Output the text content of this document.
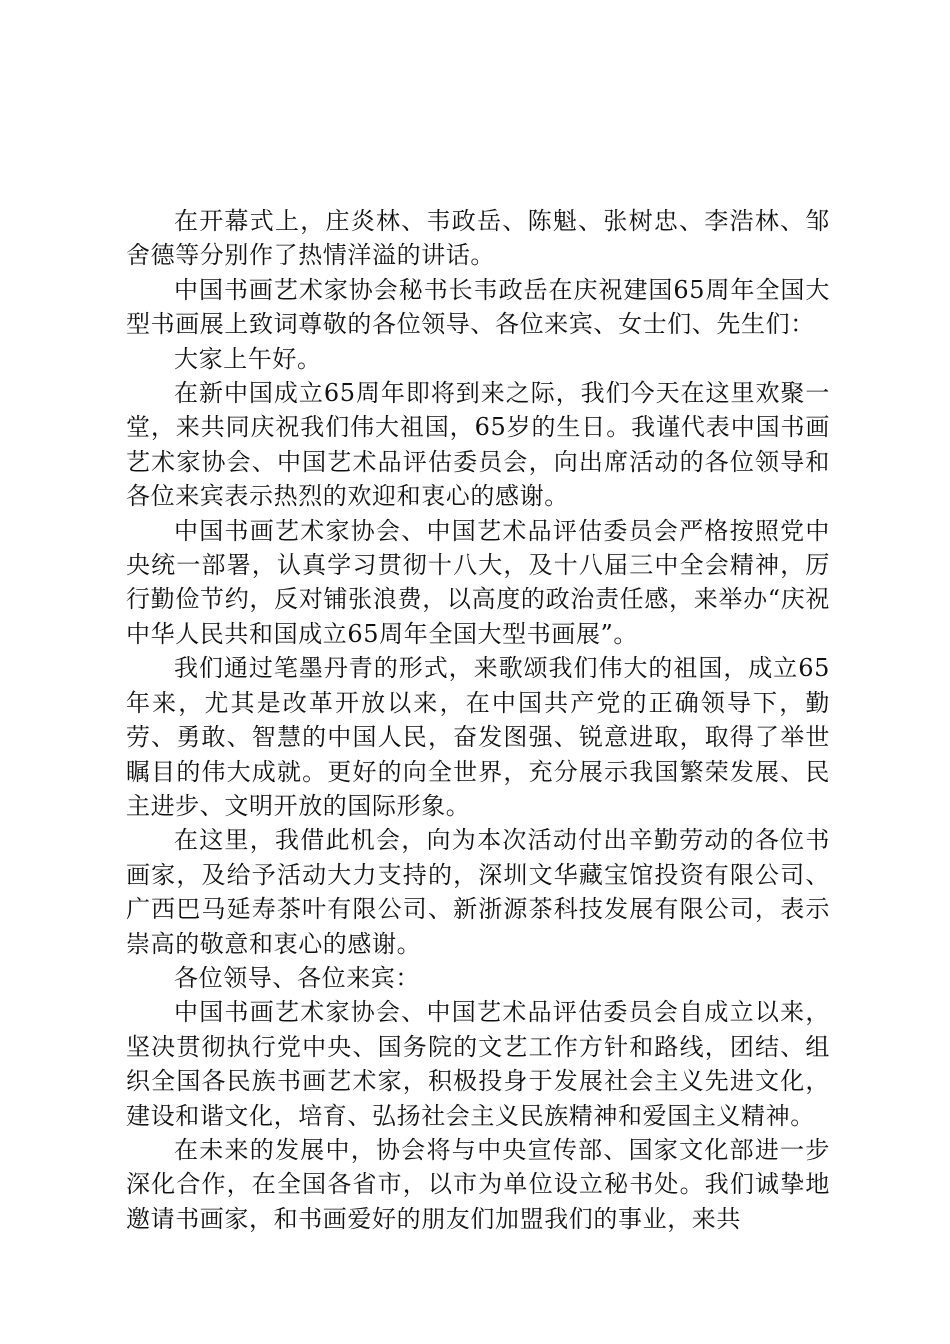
在开幕式上，庄炎林、韦政岳、陈魁、张树忠、李浩林、邹舍德等分别作了热情洋溢的讲话。

中国书画艺术家协会秘书长韦政岳在庆祝建国65周年全国大型书画展上致词尊敬的各位领导、各位来宾、女士们、先生们：

大家上午好。

在新中国成立65周年即将到来之际，我们今天在这里欢聚一堂，来共同庆祝我们伟大祖国，65岁的生日。我谨代表中国书画艺术家协会、中国艺术品评估委员会，向出席活动的各位领导和各位来宾表示热烈的欢迎和衷心的感谢。

中国书画艺术家协会、中国艺术品评估委员会严格按照党中央统一部署，认真学习贯彻十八大，及十八届三中全会精神，厉行勤俭节约，反对铺张浪费，以高度的政治责任感，来举办“庆祝中华人民共和国成立65周年全国大型书画展”。

我们通过笔墨丹青的形式，来歌颂我们伟大的祖国，成立65年来，尤其是改革开放以来，在中国共产党的正确领导下，勤劳、勇敢、智慧的中国人民，奋发图强、锐意进取，取得了举世瞩目的伟大成就。更好的向全世界，充分展示我国繁荣发展、民主进步、文明开放的国际形象。

在这里，我借此机会，向为本次活动付出辛勤劳动的各位书画家，及给予活动大力支持的，深圳文华藏宝馆投资有限公司、广西巴马延寿茶叶有限公司、新浙源茶科技发展有限公司，表示崇高的敬意和衷心的感谢。

各位领导、各位来宾：

中国书画艺术家协会、中国艺术品评估委员会自成立以来，坚决贯彻执行党中央、国务院的文艺工作方针和路线，团结、组织全国各民族书画艺术家，积极投身于发展社会主义先进文化，建设和谐文化，培育、弘扬社会主义民族精神和爱国主义精神。

在未来的发展中，协会将与中央宣传部、国家文化部进一步深化合作，在全国各省市，以市为单位设立秘书处。我们诚挚地邀请书画家，和书画爱好的朋友们加盟我们的事业，来共
